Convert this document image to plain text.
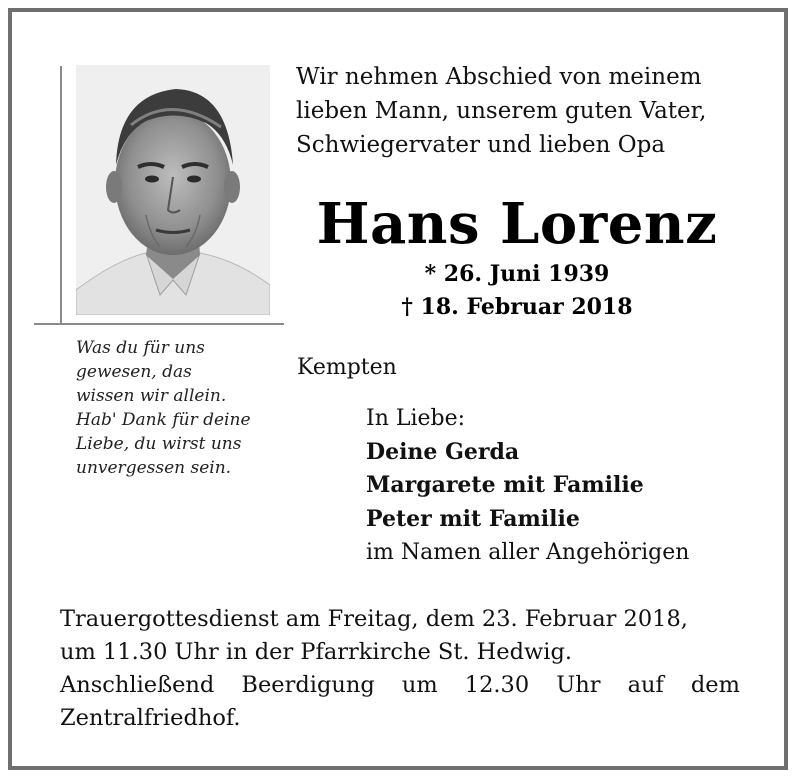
Was du für uns
gewesen, das
wissen wir allein.
Hab' Dank für deine
Liebe, du wirst uns
unvergessen sein.
Wir nehmen Abschied von meinem
lieben Mann, unserem guten Vater,
Schwiegervater und lieben Opa
Hans Lorenz
* 26. Juni 1939
† 18. Februar 2018
Kempten
In Liebe:
Deine Gerda
Margarete mit Familie
Peter mit Familie
im Namen aller Angehörigen
Trauergottesdienst am Freitag, dem 23. Februar 2018,
um 11.30 Uhr in der Pfarrkirche St. Hedwig.
Anschließend Beerdigung um 12.30 Uhr auf dem
Zentralfriedhof.
